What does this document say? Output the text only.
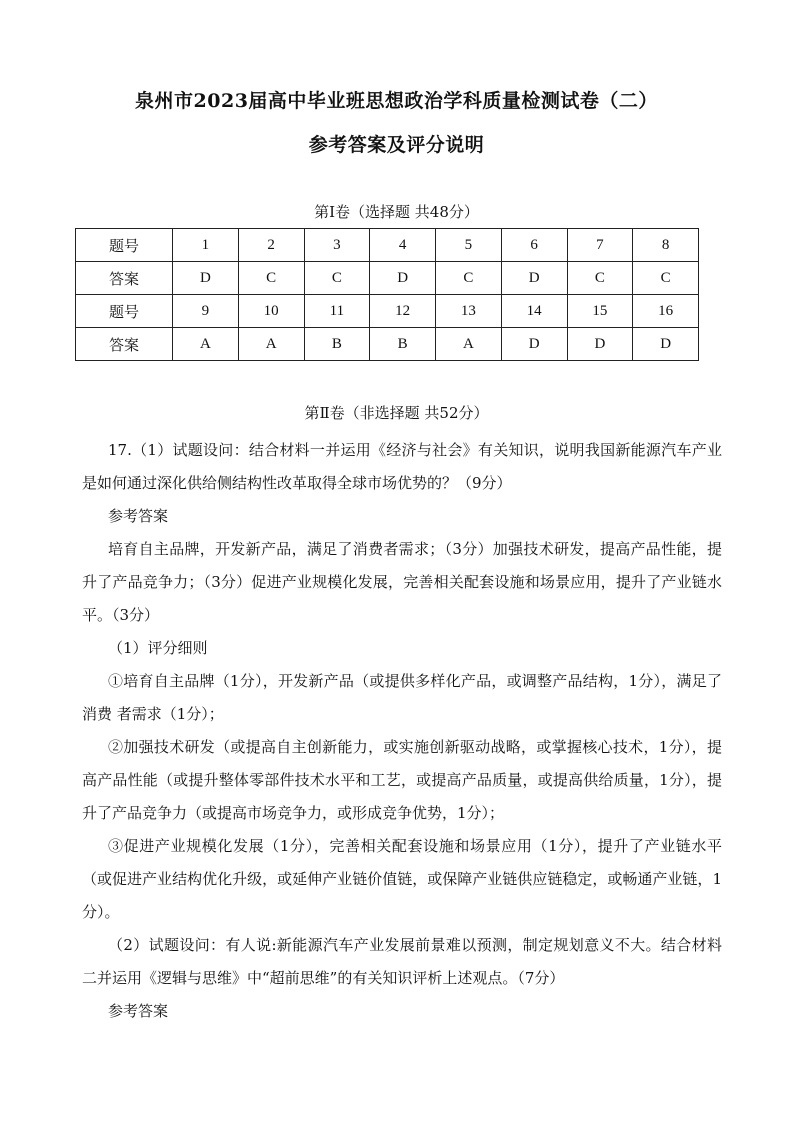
泉州市2023届高中毕业班思想政治学科质量检测试卷（二）
参考答案及评分说明
第Ⅰ卷（选择题 共48分）
题号	1	2	3	4	5	6	7	8
答案	D	C	C	D	C	D	C	C
题号	9	10	11	12	13	14	15	16
答案	A	A	B	B	A	D	D	D
第Ⅱ卷（非选择题 共52分）
17.（1）试题设问：结合材料一并运用《经济与社会》有关知识，说明我国新能源汽车产业是如何通过深化供给侧结构性改革取得全球市场优势的？（9分）
参考答案
培育自主品牌，开发新产品，满足了消费者需求；（3分）加强技术研发，提高产品性能，提升了产品竞争力；（3分）促进产业规模化发展，完善相关配套设施和场景应用，提升了产业链水平。（3分）
（1）评分细则
①培育自主品牌（1分），开发新产品（或提供多样化产品，或调整产品结构，1分），满足了消费 者需求（1分）；
②加强技术研发（或提高自主创新能力，或实施创新驱动战略，或掌握核心技术，1分），提高产品性能（或提升整体零部件技术水平和工艺，或提高产品质量，或提高供给质量，1分），提升了产品竞争力（或提高市场竞争力，或形成竞争优势，1分）；
③促进产业规模化发展（1分），完善相关配套设施和场景应用（1分），提升了产业链水平（或促进产业结构优化升级，或延伸产业链价值链，或保障产业链供应链稳定，或畅通产业链，1分）。
（2）试题设问：有人说:新能源汽车产业发展前景难以预测，制定规划意义不大。结合材料二并运用《逻辑与思维》中“超前思维”的有关知识评析上述观点。（7分）
参考答案
